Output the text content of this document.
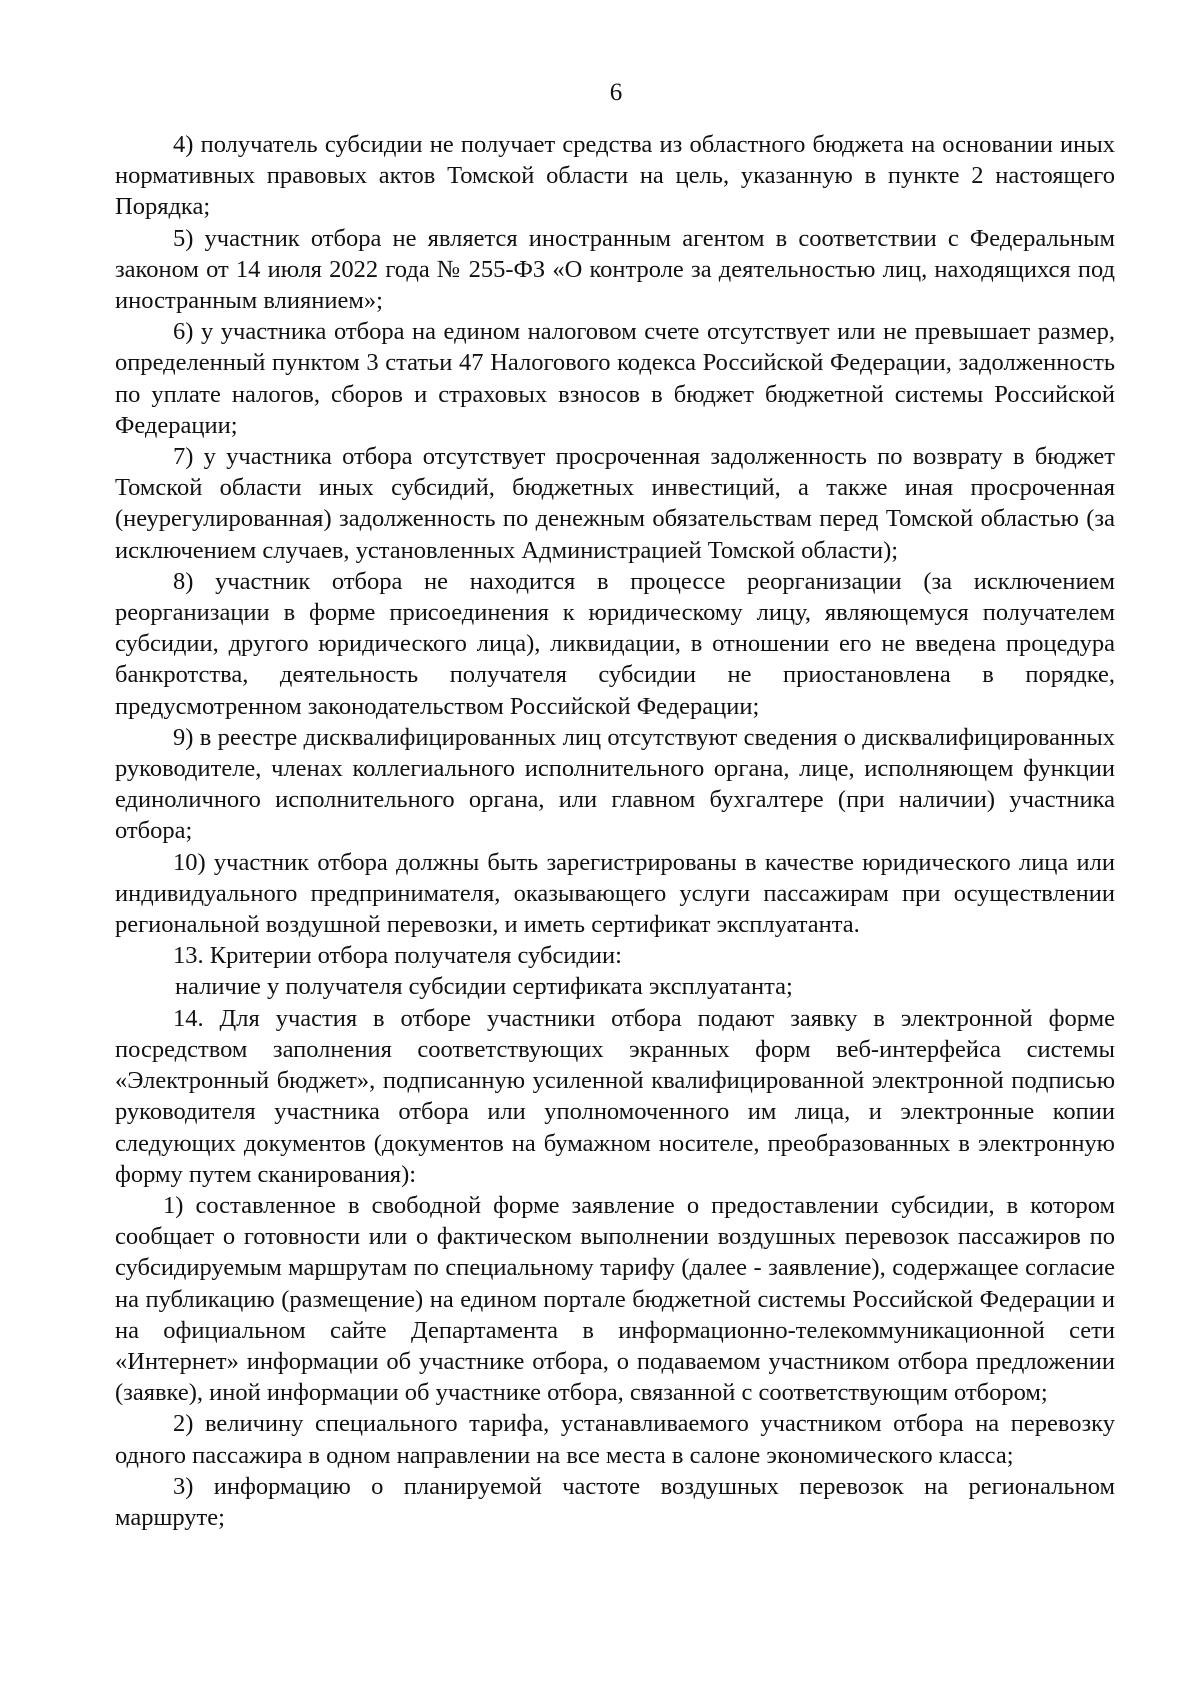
6

4) получатель субсидии не получает средства из областного бюджета на основании иных нормативных правовых актов Томской области на цель, указанную в пункте 2 настоящего Порядка;

5) участник отбора не является иностранным агентом в соответствии с Федеральным законом от 14 июля 2022 года № 255-ФЗ «О контроле за деятельностью лиц, находящихся под иностранным влиянием»;

6) у участника отбора на едином налоговом счете отсутствует или не превышает размер, определенный пунктом 3 статьи 47 Налогового кодекса Российской Федерации, задолженность по уплате налогов, сборов и страховых взносов в бюджет бюджетной системы Российской Федерации;

7) у участника отбора отсутствует просроченная задолженность по возврату в бюджет Томской области иных субсидий, бюджетных инвестиций, а также иная просроченная (неурегулированная) задолженность по денежным обязательствам перед Томской областью (за исключением случаев, установленных Администрацией Томской области);

8) участник отбора не находится в процессе реорганизации (за исключением реорганизации в форме присоединения к юридическому лицу, являющемуся получателем субсидии, другого юридического лица), ликвидации, в отношении его не введена процедура банкротства, деятельность получателя субсидии не приостановлена в порядке, предусмотренном законодательством Российской Федерации;

9) в реестре дисквалифицированных лиц отсутствуют сведения о дисквалифицированных руководителе, членах коллегиального исполнительного органа, лице, исполняющем функции единоличного исполнительного органа, или главном бухгалтере (при наличии) участника отбора;

10) участник отбора должны быть зарегистрированы в качестве юридического лица или индивидуального предпринимателя, оказывающего услуги пассажирам при осуществлении региональной воздушной перевозки, и иметь сертификат эксплуатанта.

13. Критерии отбора получателя субсидии:

наличие у получателя субсидии сертификата эксплуатанта;

14. Для участия в отборе участники отбора подают заявку в электронной форме посредством заполнения соответствующих экранных форм веб-интерфейса системы «Электронный бюджет», подписанную усиленной квалифицированной электронной подписью руководителя участника отбора или уполномоченного им лица, и электронные копии следующих документов (документов на бумажном носителе, преобразованных в электронную форму путем сканирования):

1) составленное в свободной форме заявление о предоставлении субсидии, в котором сообщает о готовности или о фактическом выполнении воздушных перевозок пассажиров по субсидируемым маршрутам по специальному тарифу (далее - заявление), содержащее согласие на публикацию (размещение) на едином портале бюджетной системы Российской Федерации и на официальном сайте Департамента в информационно-телекоммуникационной сети «Интернет» информации об участнике отбора, о подаваемом участником отбора предложении (заявке), иной информации об участнике отбора, связанной с соответствующим отбором;

2) величину специального тарифа, устанавливаемого участником отбора на перевозку одного пассажира в одном направлении на все места в салоне экономического класса;

3) информацию о планируемой частоте воздушных перевозок на региональном маршруте;
